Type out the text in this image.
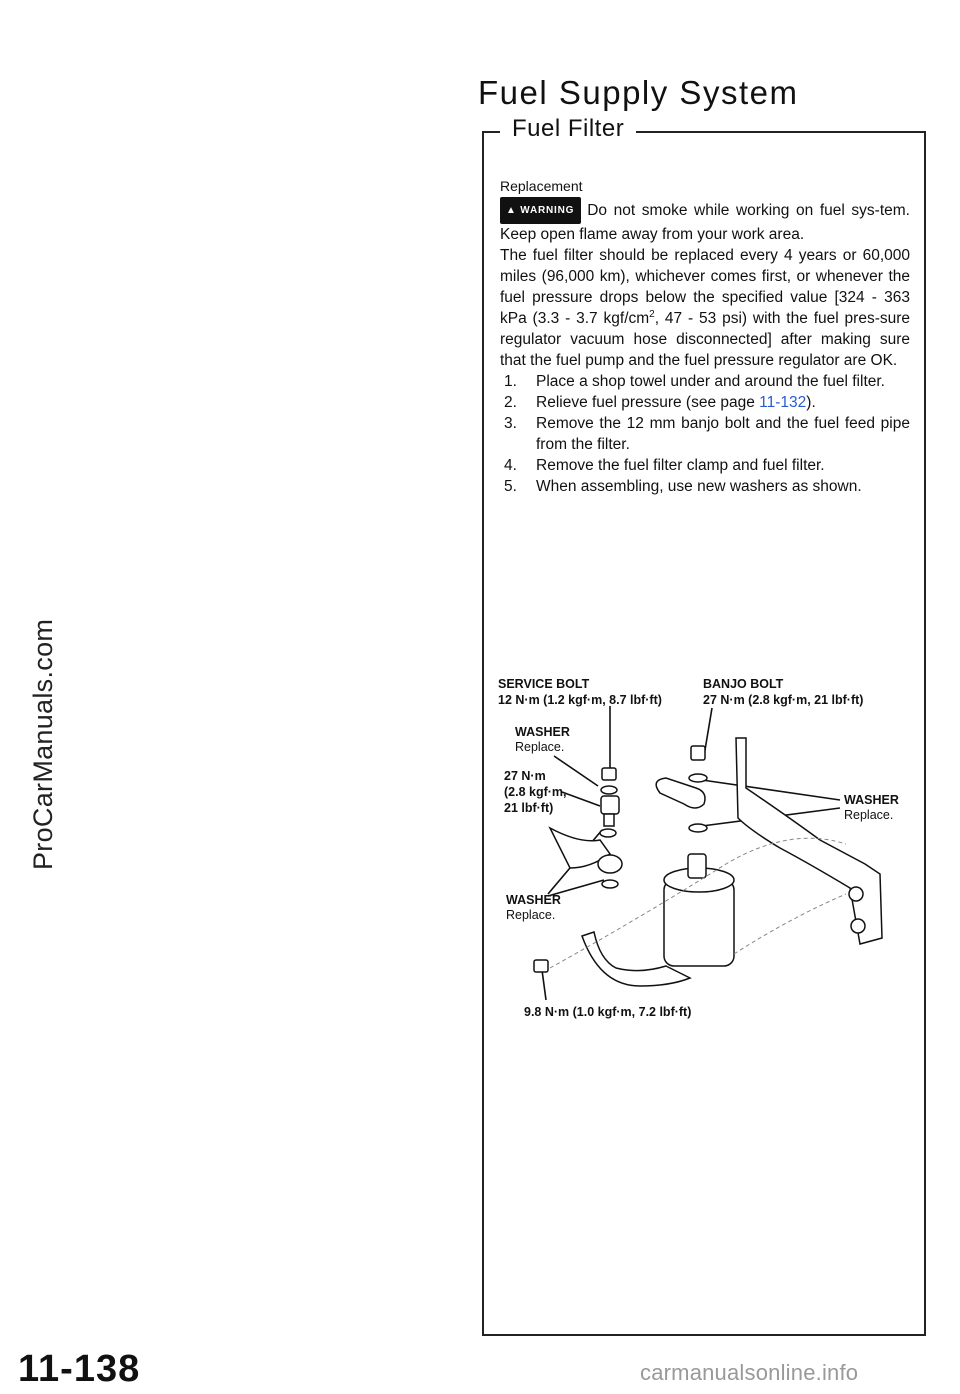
ProCarManuals.com
Fuel Supply System
Fuel Filter

Replacement

▲ WARNING Do not smoke while working on fuel sys-tem. Keep open flame away from your work area.

The fuel filter should be replaced every 4 years or 60,000 miles (96,000 km), whichever comes first, or whenever the fuel pressure drops below the specified value [324 - 363 kPa (3.3 - 3.7 kgf/$cm^2$, 47 - 53 psi) with the fuel pres-sure regulator vacuum hose disconnected] after making sure that the fuel pump and the fuel pressure regulator are OK.

1. Place a shop towel under and around the fuel filter.

2. Relieve fuel pressure (see page 11-132).

3. Remove the 12 mm banjo bolt and the fuel feed pipe from the filter.

4. Remove the fuel filter clamp and fuel filter.

5. When assembling, use new washers as shown.

SERVICE BOLT
12 N·m (1.2 kgf·m, 8.7 lbf·ft)
BANJO BOLT
27 N·m (2.8 kgf·m, 21 lbf·ft)
WASHER
Replace.
27 N·m
(2.8 kgf·m,
21 lbf·ft)
WASHER
Replace.
WASHER
Replace.
9.8 N·m (1.0 kgf·m, 7.2 lbf·ft)
11-138	carmanualsonline.info
